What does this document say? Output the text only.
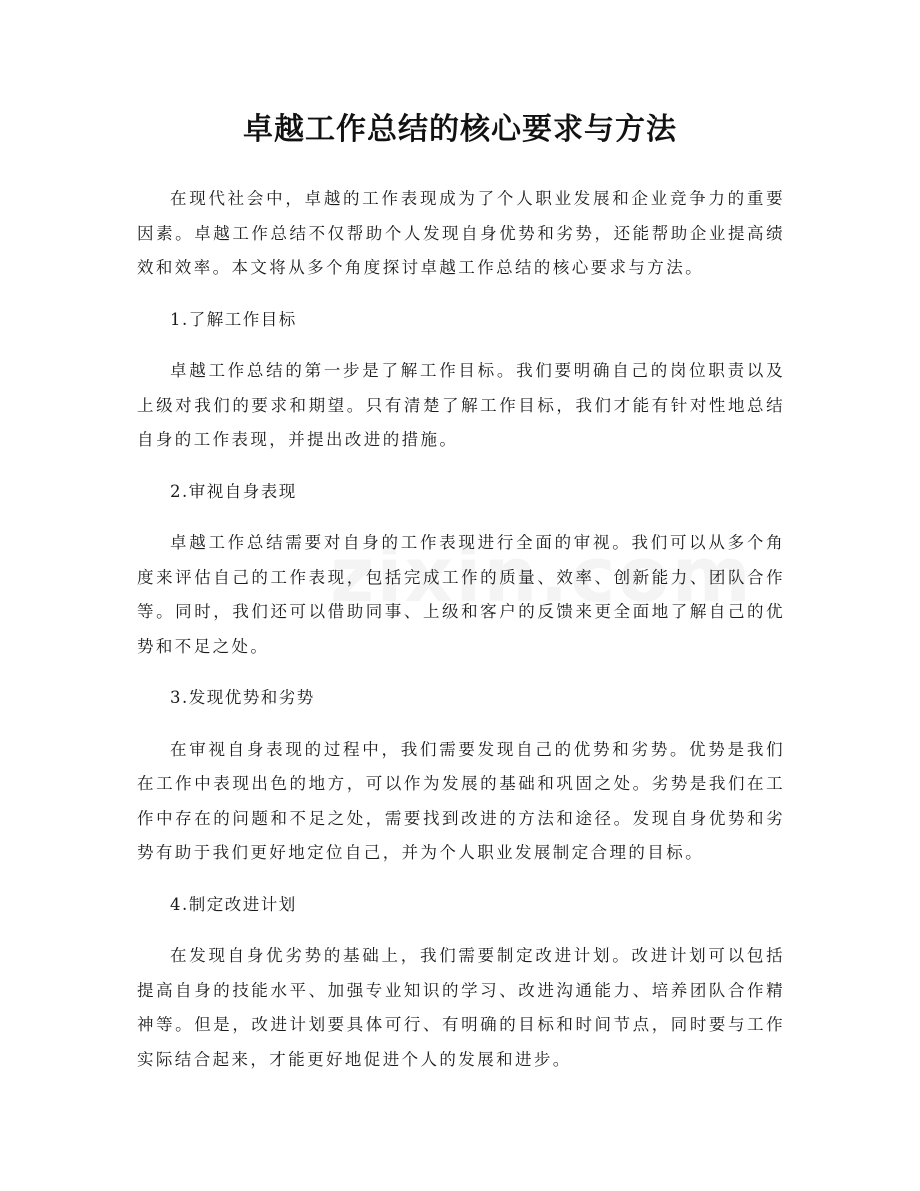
卓越工作总结的核心要求与方法

在现代社会中，卓越的工作表现成为了个人职业发展和企业竞争力的重要因素。卓越工作总结不仅帮助个人发现自身优势和劣势，还能帮助企业提高绩效和效率。本文将从多个角度探讨卓越工作总结的核心要求与方法。

1.了解工作目标

卓越工作总结的第一步是了解工作目标。我们要明确自己的岗位职责以及上级对我们的要求和期望。只有清楚了解工作目标，我们才能有针对性地总结自身的工作表现，并提出改进的措施。

2.审视自身表现

卓越工作总结需要对自身的工作表现进行全面的审视。我们可以从多个角度来评估自己的工作表现，包括完成工作的质量、效率、创新能力、团队合作等。同时，我们还可以借助同事、上级和客户的反馈来更全面地了解自己的优势和不足之处。

3.发现优势和劣势

在审视自身表现的过程中，我们需要发现自己的优势和劣势。优势是我们在工作中表现出色的地方，可以作为发展的基础和巩固之处。劣势是我们在工作中存在的问题和不足之处，需要找到改进的方法和途径。发现自身优势和劣势有助于我们更好地定位自己，并为个人职业发展制定合理的目标。

4.制定改进计划

在发现自身优劣势的基础上，我们需要制定改进计划。改进计划可以包括提高自身的技能水平、加强专业知识的学习、改进沟通能力、培养团队合作精神等。但是，改进计划要具体可行、有明确的目标和时间节点，同时要与工作实际结合起来，才能更好地促进个人的发展和进步。
